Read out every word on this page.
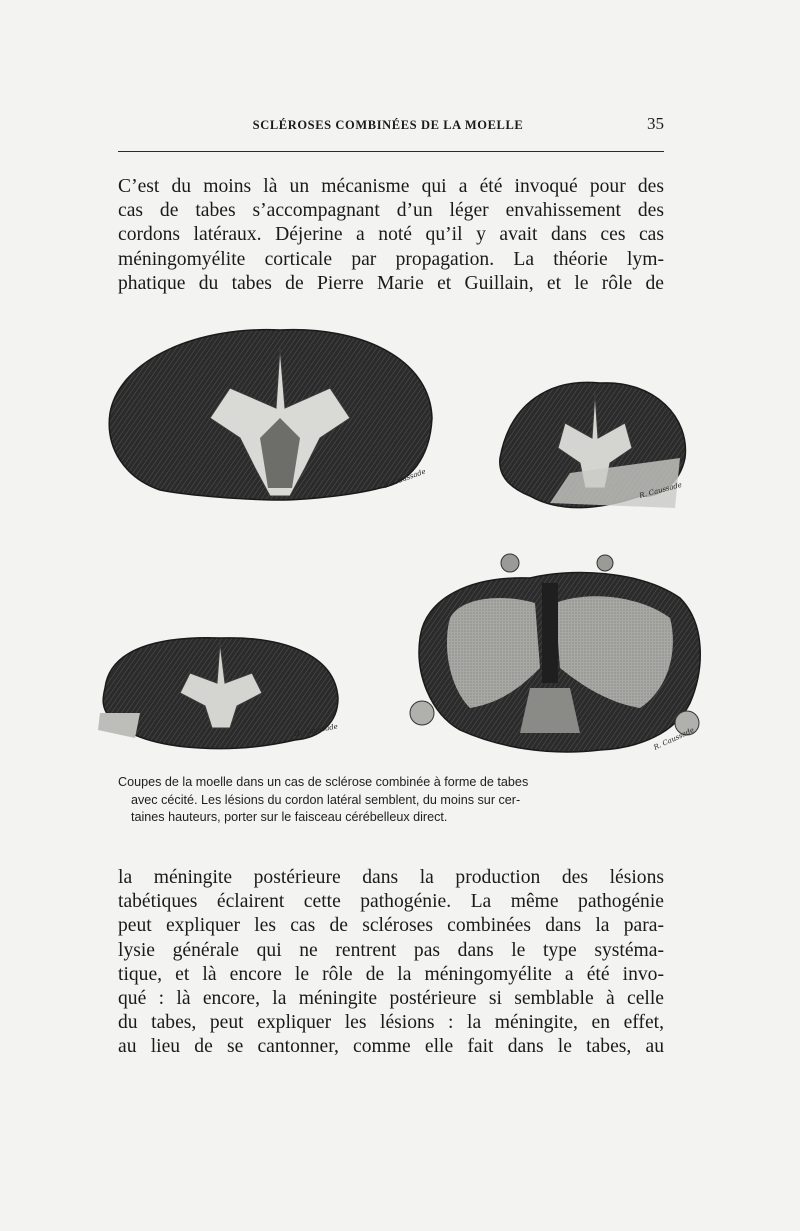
SCLÉROSES COMBINÉES DE LA MOELLE	35
C’est du moins là un mécanisme qui a été invoqué pour des
cas de tabes s’accompagnant d’un léger envahissement des
cordons latéraux. Déjerine a noté qu’il y avait dans ces cas
méningomyélite corticale par propagation. La théorie lym-
phatique du tabes de Pierre Marie et Guillain, et le rôle de
R. Caussade
R. Caussade
R. Caussade	R. Caussade
Coupes de la moelle dans un cas de sclérose combinée à forme de tabes
avec cécité. Les lésions du cordon latéral semblent, du moins sur cer-
taines hauteurs, porter sur le faisceau cérébelleux direct.
la méningite postérieure dans la production des lésions
tabétiques éclairent cette pathogénie. La même pathogénie
peut expliquer les cas de scléroses combinées dans la para-
lysie générale qui ne rentrent pas dans le type systéma-
tique, et là encore le rôle de la méningomyélite a été invo-
qué : là encore, la méningite postérieure si semblable à celle
du tabes, peut expliquer les lésions : la méningite, en effet,
au lieu de se cantonner, comme elle fait dans le tabes, au
